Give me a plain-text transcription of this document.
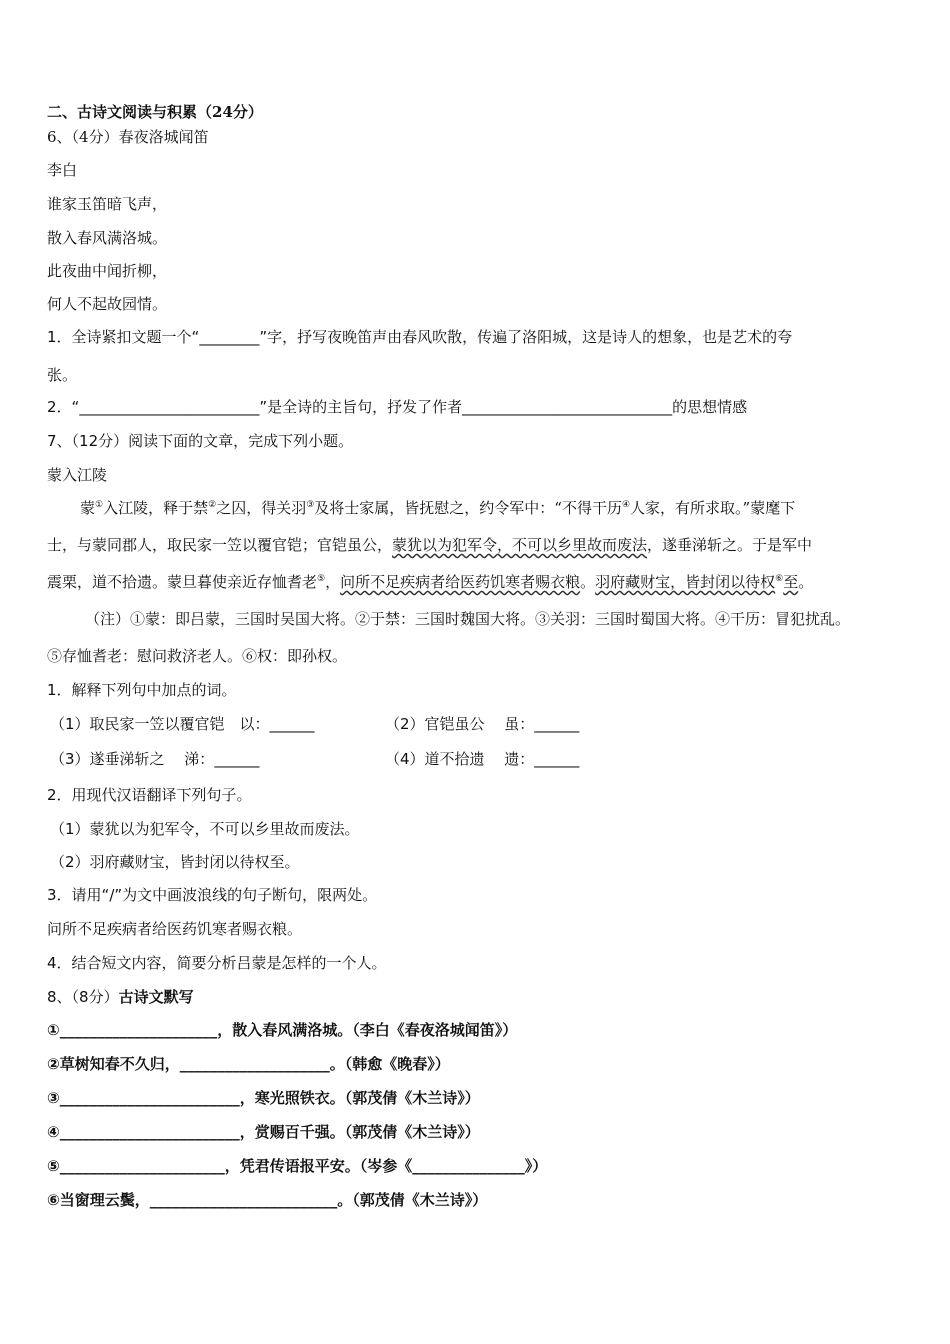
二、古诗文阅读与积累（24分）
6、（4分）春夜洛城闻笛
李白
谁家玉笛暗飞声，
散入春风满洛城。
此夜曲中闻折柳，
何人不起故园情。
1．全诗紧扣文题一个“________”字，抒写夜晚笛声由春风吹散，传遍了洛阳城，这是诗人的想象，也是艺术的夸
张。
2．“________________________”是全诗的主旨句，抒发了作者____________________________的思想情感
7、（12分）阅读下面的文章，完成下列小题。
蒙入江陵
蒙①入江陵，释于禁②之囚，得关羽③及将士家属，皆抚慰之，约令军中：“不得干历④人家，有所求取。”蒙麾下
士，与蒙同郡人，取民家一笠以覆官铠；官铠虽公，蒙犹以为犯军令，不可以乡里故而废法，遂垂涕斩之。于是军中
震栗，道不拾遗。蒙旦暮使亲近存恤耆老⑤，问所不足疾病者给医药饥寒者赐衣粮。羽府藏财宝，皆封闭以待权⑥至。
（注）①蒙：即吕蒙，三国时吴国大将。②于禁：三国时魏国大将。③关羽：三国时蜀国大将。④干历：冒犯扰乱。
⑤存恤耆老：慰问救济老人。⑥权：即孙权。
1．解释下列句中加点的词。
（1）取民家一笠以覆官铠　以：______	（2）官铠虽公　 虽：______
（3）遂垂涕斩之　 涕：______	（4）道不拾遗　 遗：______
2．用现代汉语翻译下列句子。
（1）蒙犹以为犯军令，不可以乡里故而废法。
（2）羽府藏财宝，皆封闭以待权至。
3．请用“/”为文中画波浪线的句子断句，限两处。
问所不足疾病者给医药饥寒者赐衣粮。
4．结合短文内容，简要分析吕蒙是怎样的一个人。
8、（8分）古诗文默写
①_____________________，散入春风满洛城。（李白《春夜洛城闻笛》）
②草树知春不久归，____________________。（韩愈《晚春》）
③________________________，寒光照铁衣。（郭茂倩《木兰诗》）
④________________________，赏赐百千强。（郭茂倩《木兰诗》）
⑤______________________，凭君传语报平安。（岑参《_______________》）
⑥当窗理云鬓，_________________________。（郭茂倩《木兰诗》）
